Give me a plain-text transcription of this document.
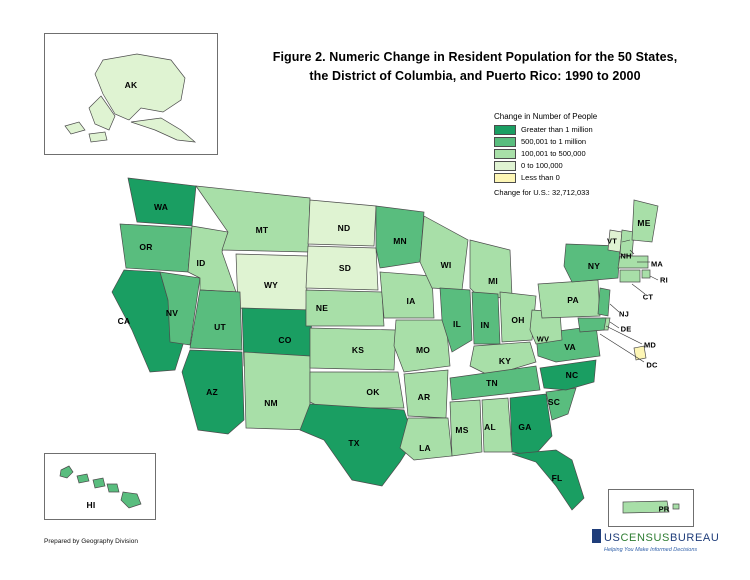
Figure 2. Numeric Change in Resident Population for the 50 States,
the District of Columbia, and Puerto Rico: 1990 to 2000
Change in Number of People
Greater than 1 million
500,001 to 1 million
100,001 to 500,000
0 to 100,000
Less than 0
Change for U.S.: 32,712,033
AK
HI	PR
WA
OR
CA
NV
ID
MT
WY
UT
AZ
NM
CO
ND
SD
NE
KS
OK
TX
MN
IA
MO
AR
LA
WI
IL
MS
MI
IN
KY
TN
AL	GA
FL
SC
NC
OH
WV
VA
PA
NY
VT
NH
ME
MA
RI
CT
NJ
DE
MD
DC
Prepared by Geography Division	USCENSUSBUREAU
Helping You Make Informed Decisions
